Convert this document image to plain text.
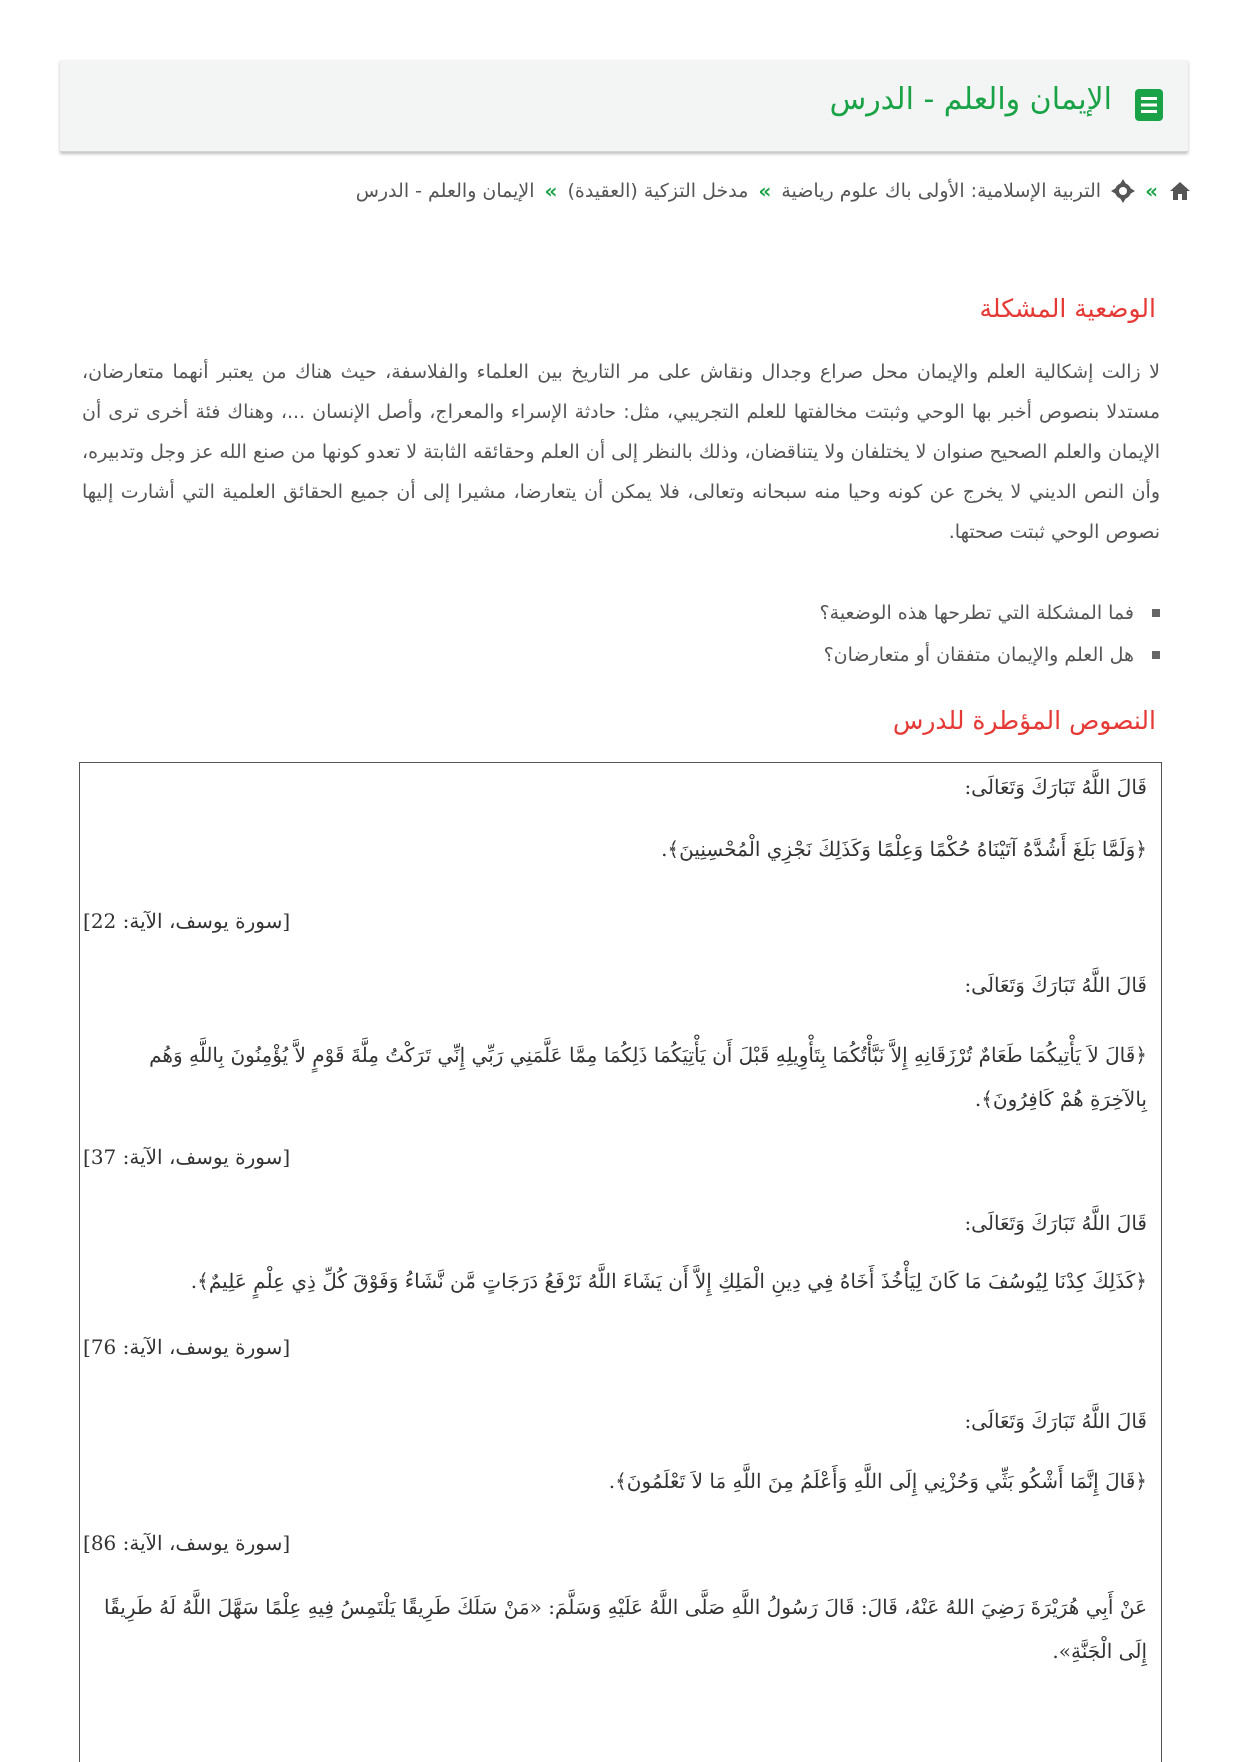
الإيمان والعلم - الدرس
»
التربية الإسلامية: الأولى باك علوم رياضية
»
مدخل التزكية (العقيدة)
»
الإيمان والعلم - الدرس
الوضعية المشكلة

لا زالت إشكالية العلم والإيمان محل صراع وجدال ونقاش على مر التاريخ بين العلماء والفلاسفة، حيث هناك من يعتبر أنهما متعارضان، مستدلا بنصوص أخبر بها الوحي وثبتت مخالفتها للعلم التجريبي، مثل: حادثة الإسراء والمعراج، وأصل الإنسان ...، وهناك فئة أخرى ترى أن الإيمان والعلم الصحيح صنوان لا يختلفان ولا يتناقضان، وذلك بالنظر إلى أن العلم وحقائقه الثابتة لا تعدو كونها من صنع الله عز وجل وتدبيره، وأن النص الديني لا يخرج عن كونه وحيا منه سبحانه وتعالى، فلا يمكن أن يتعارضا، مشيرا إلى أن جميع الحقائق العلمية التي أشارت إليها نصوص الوحي ثبتت صحتها.

فما المشكلة التي تطرحها هذه الوضعية؟
هل العلم والإيمان متفقان أو متعارضان؟
النصوص المؤطرة للدرس
قَالَ اللَّهُ تَبَارَكَ وَتَعَالَى:
﴿وَلَمَّا بَلَغَ أَشُدَّهُ آتَيْنَاهُ حُكْمًا وَعِلْمًا وَكَذَلِكَ نَجْزِي الْمُحْسِنِينَ﴾.
[سورة يوسف، الآية: 22]
قَالَ اللَّهُ تَبَارَكَ وَتَعَالَى:
﴿قَالَ لاَ يَأْتِيكُمَا طَعَامٌ تُرْزَقَانِهِ إِلاَّ نَبَّأْتُكُمَا بِتَأْوِيلِهِ قَبْلَ أَن يَأْتِيَكُمَا ذَلِكُمَا مِمَّا عَلَّمَنِي رَبِّي إِنِّي تَرَكْتُ مِلَّةَ قَوْمٍ لاَّ يُؤْمِنُونَ بِاللَّهِ وَهُم بِالآخِرَةِ هُمْ كَافِرُونَ﴾.
[سورة يوسف، الآية: 37]
قَالَ اللَّهُ تَبَارَكَ وَتَعَالَى:
﴿كَذَلِكَ كِدْنَا لِيُوسُفَ مَا كَانَ لِيَأْخُذَ أَخَاهُ فِي دِينِ الْمَلِكِ إِلاَّ أَن يَشَاءَ اللَّهُ نَرْفَعُ دَرَجَاتٍ مَّن نَّشَاءُ وَفَوْقَ كُلِّ ذِي عِلْمٍ عَلِيمٌ﴾.
[سورة يوسف، الآية: 76]
قَالَ اللَّهُ تَبَارَكَ وَتَعَالَى:
﴿قَالَ إِنَّمَا أَشْكُو بَثِّي وَحُزْنِي إِلَى اللَّهِ وَأَعْلَمُ مِنَ اللَّهِ مَا لاَ تَعْلَمُونَ﴾.
[سورة يوسف، الآية: 86]
عَنْ أَبِي هُرَيْرَةَ رَضِيَ اللهُ عَنْهُ، قَالَ: قَالَ رَسُولُ اللَّهِ صَلَّى اللَّهُ عَلَيْهِ وَسَلَّمَ: «مَنْ سَلَكَ طَرِيقًا يَلْتَمِسُ فِيهِ عِلْمًا سَهَّلَ اللَّهُ لَهُ طَرِيقًا إِلَى الْجَنَّةِ».
